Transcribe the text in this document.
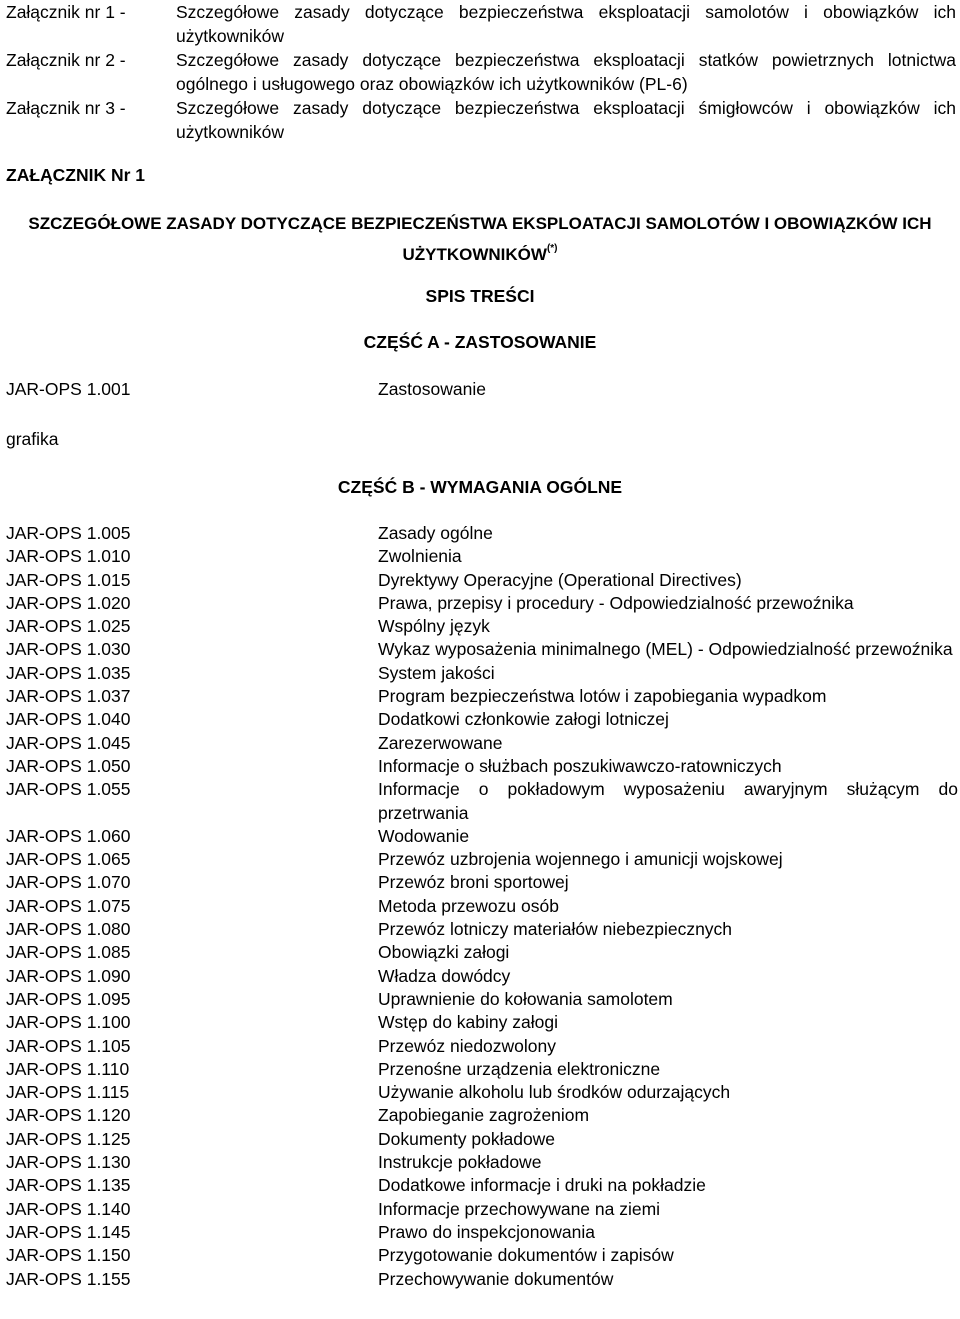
Załącznik nr 1 -	Szczegółowe zasady dotyczące bezpieczeństwa eksploatacji samolotów i obowiązków ich użytkowników
Załącznik nr 2 -	Szczegółowe zasady dotyczące bezpieczeństwa eksploatacji statków powietrznych lotnictwa ogólnego i usługowego oraz obowiązków ich użytkowników (PL-6)
Załącznik nr 3 -	Szczegółowe zasady dotyczące bezpieczeństwa eksploatacji śmigłowców i obowiązków ich użytkowników
ZAŁĄCZNIK Nr 1
SZCZEGÓŁOWE ZASADY DOTYCZĄCE BEZPIECZEŃSTWA EKSPLOATACJI SAMOLOTÓW I OBOWIĄZKÓW ICH UŻYTKOWNIKÓW(*)
SPIS TREŚCI
CZĘŚĆ A - ZASTOSOWANIE
JAR-OPS 1.001	Zastosowanie
grafika
CZĘŚĆ B - WYMAGANIA OGÓLNE
JAR-OPS 1.005	Zasady ogólne
JAR-OPS 1.010	Zwolnienia
JAR-OPS 1.015	Dyrektywy Operacyjne (Operational Directives)
JAR-OPS 1.020	Prawa, przepisy i procedury - Odpowiedzialność przewoźnika
JAR-OPS 1.025	Wspólny język
JAR-OPS 1.030	Wykaz wyposażenia minimalnego (MEL) - Odpowiedzialność przewoźnika
JAR-OPS 1.035	System jakości
JAR-OPS 1.037	Program bezpieczeństwa lotów i zapobiegania wypadkom
JAR-OPS 1.040	Dodatkowi członkowie załogi lotniczej
JAR-OPS 1.045	Zarezerwowane
JAR-OPS 1.050	Informacje o służbach poszukiwawczo-ratowniczych
JAR-OPS 1.055	Informacje o pokładowym wyposażeniu awaryjnym służącym do przetrwania
JAR-OPS 1.060	Wodowanie
JAR-OPS 1.065	Przewóz uzbrojenia wojennego i amunicji wojskowej
JAR-OPS 1.070	Przewóz broni sportowej
JAR-OPS 1.075	Metoda przewozu osób
JAR-OPS 1.080	Przewóz lotniczy materiałów niebezpiecznych
JAR-OPS 1.085	Obowiązki załogi
JAR-OPS 1.090	Władza dowódcy
JAR-OPS 1.095	Uprawnienie do kołowania samolotem
JAR-OPS 1.100	Wstęp do kabiny załogi
JAR-OPS 1.105	Przewóz niedozwolony
JAR-OPS 1.110	Przenośne urządzenia elektroniczne
JAR-OPS 1.115	Używanie alkoholu lub środków odurzających
JAR-OPS 1.120	Zapobieganie zagrożeniom
JAR-OPS 1.125	Dokumenty pokładowe
JAR-OPS 1.130	Instrukcje pokładowe
JAR-OPS 1.135	Dodatkowe informacje i druki na pokładzie
JAR-OPS 1.140	Informacje przechowywane na ziemi
JAR-OPS 1.145	Prawo do inspekcjonowania
JAR-OPS 1.150	Przygotowanie dokumentów i zapisów
JAR-OPS 1.155	Przechowywanie dokumentów
